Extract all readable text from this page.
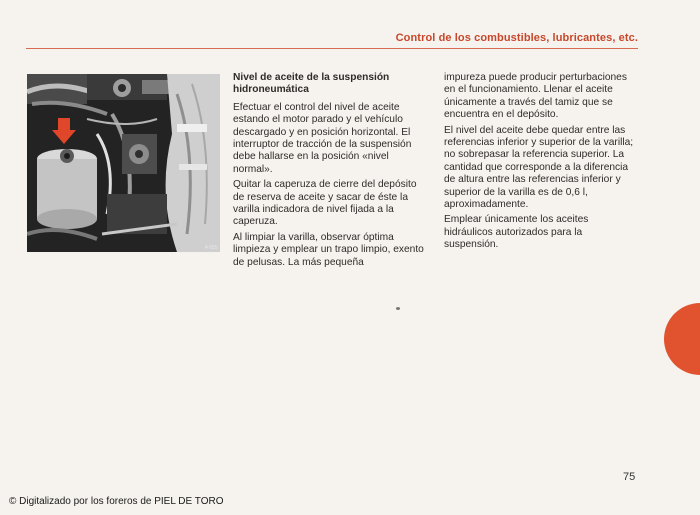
Control de los combustibles, lubricantes, etc.
4 655

Nivel de aceite de la suspensión
hidroneumática

Efectuar el control del nivel de aceite estando el motor parado y el vehículo descargado y en posición horizontal. El interruptor de tracción de la suspensión debe hallarse en la posición «nivel normal».

Quitar la caperuza de cierre del depósito de reserva de aceite y sacar de éste la varilla indicadora de nivel fijada a la caperuza.

Al limpiar la varilla, observar óptima limpieza y emplear un trapo limpio, exento de pelusas. La más pequeña

impureza puede producir perturbaciones en el funcionamiento. Llenar el aceite únicamente a través del tamiz que se encuentra en el depósito.

El nivel del aceite debe quedar entre las referencias inferior y superior de la varilla; no sobrepasar la referencia superior. La cantidad que corresponde a la diferencia de altura entre las referencias inferior y superior de la varilla es de 0,6 l, aproximadamente.

Emplear únicamente los aceites hidráulicos autorizados para la suspensión.

75
© Digitalizado por los foreros de PIEL DE TORO
